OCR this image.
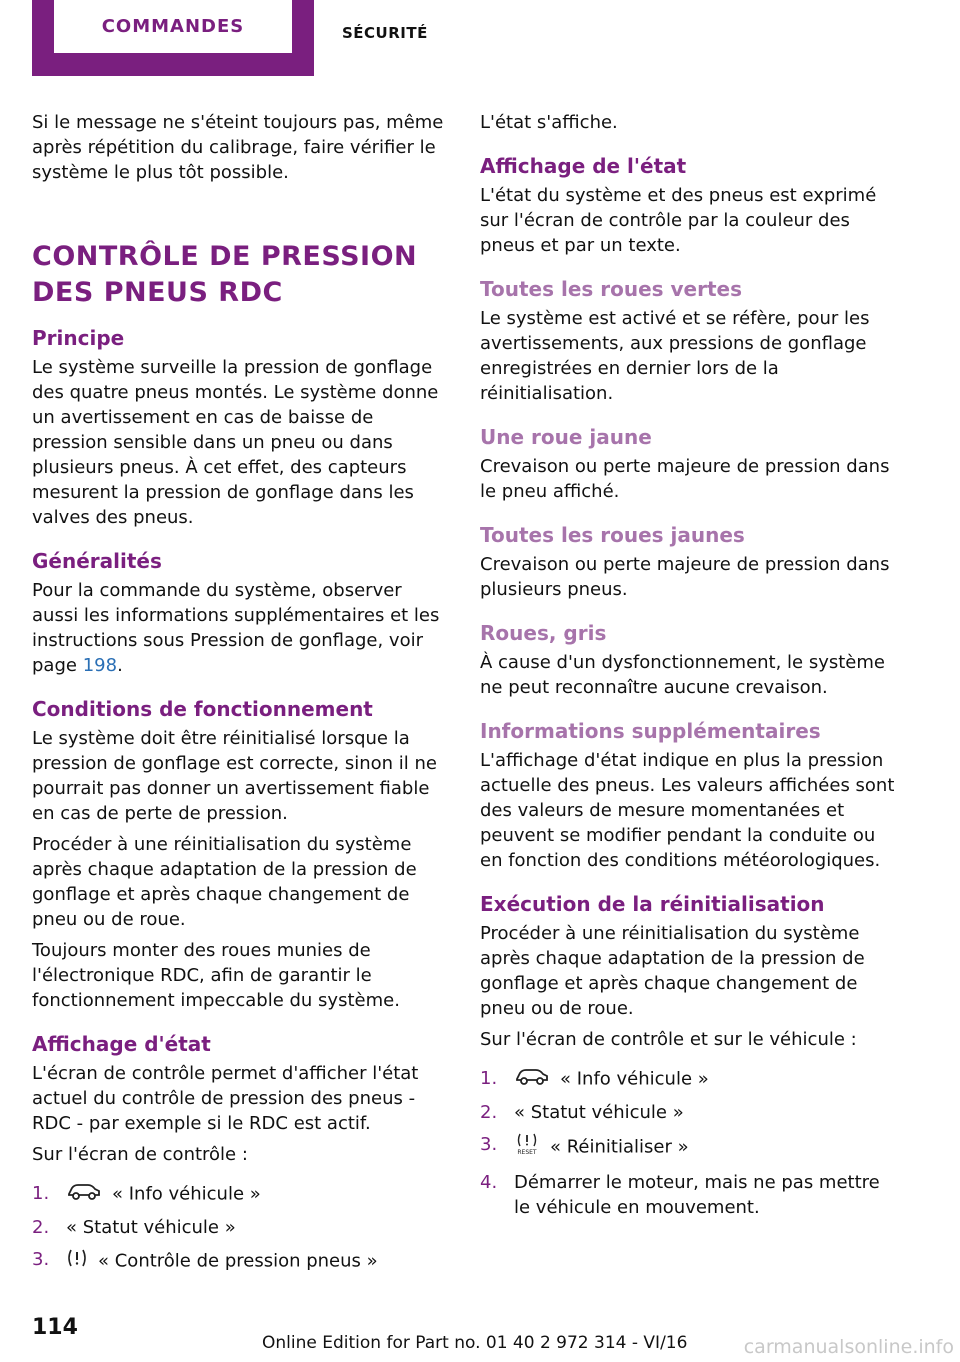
COMMANDES	SÉCURITÉ

Si le message ne s'éteint toujours pas, même après répétition du calibrage, faire vérifier le système le plus tôt possible.

CONTRÔLE DE PRESSION DES PNEUS RDC
Principe

Le système surveille la pression de gonflage des quatre pneus montés. Le système donne un avertissement en cas de baisse de pression sensible dans un pneu ou dans plusieurs pneus. À cet effet, des capteurs mesurent la pression de gonflage dans les valves des pneus.

Généralités

Pour la commande du système, observer aussi les informations supplémentaires et les instructions sous Pression de gonflage, voir page 198.

Conditions de fonctionnement

Le système doit être réinitialisé lorsque la pression de gonflage est correcte, sinon il ne pourrait pas donner un avertissement fiable en cas de perte de pression.

Procéder à une réinitialisation du système après chaque adaptation de la pression de gonflage et après chaque changement de pneu ou de roue.

Toujours monter des roues munies de l'électronique RDC, afin de garantir le fonctionnement impeccable du système.

Affichage d'état

L'écran de contrôle permet d'afficher l'état actuel du contrôle de pression des pneus - RDC - par exemple si le RDC est actif.

Sur l'écran de contrôle :

1.	« Info véhicule »
2. « Statut véhicule »
3.	« Contrôle de pression pneus »

L'état s'affiche.

Affichage de l'état

L'état du système et des pneus est exprimé sur l'écran de contrôle par la couleur des pneus et par un texte.

Toutes les roues vertes

Le système est activé et se réfère, pour les avertissements, aux pressions de gonflage enregistrées en dernier lors de la réinitialisation.

Une roue jaune

Crevaison ou perte majeure de pression dans le pneu affiché.

Toutes les roues jaunes

Crevaison ou perte majeure de pression dans plusieurs pneus.

Roues, gris

À cause d'un dysfonctionnement, le système ne peut reconnaître aucune crevaison.

Informations supplémentaires

L'affichage d'état indique en plus la pression actuelle des pneus. Les valeurs affichées sont des valeurs de mesure momentanées et peuvent se modifier pendant la conduite ou en fonction des conditions météorologiques.

Exécution de la réinitialisation

Procéder à une réinitialisation du système après chaque adaptation de la pression de gonflage et après chaque changement de pneu ou de roue.

Sur l'écran de contrôle et sur le véhicule :

1.	« Info véhicule »
2. « Statut véhicule »
3.	RESET « Réinitialiser »
4. Démarrer le moteur, mais ne pas mettre le véhicule en mouvement.
114
Online Edition for Part no. 01 40 2 972 314 - VI/16	carmanualsonline.info
